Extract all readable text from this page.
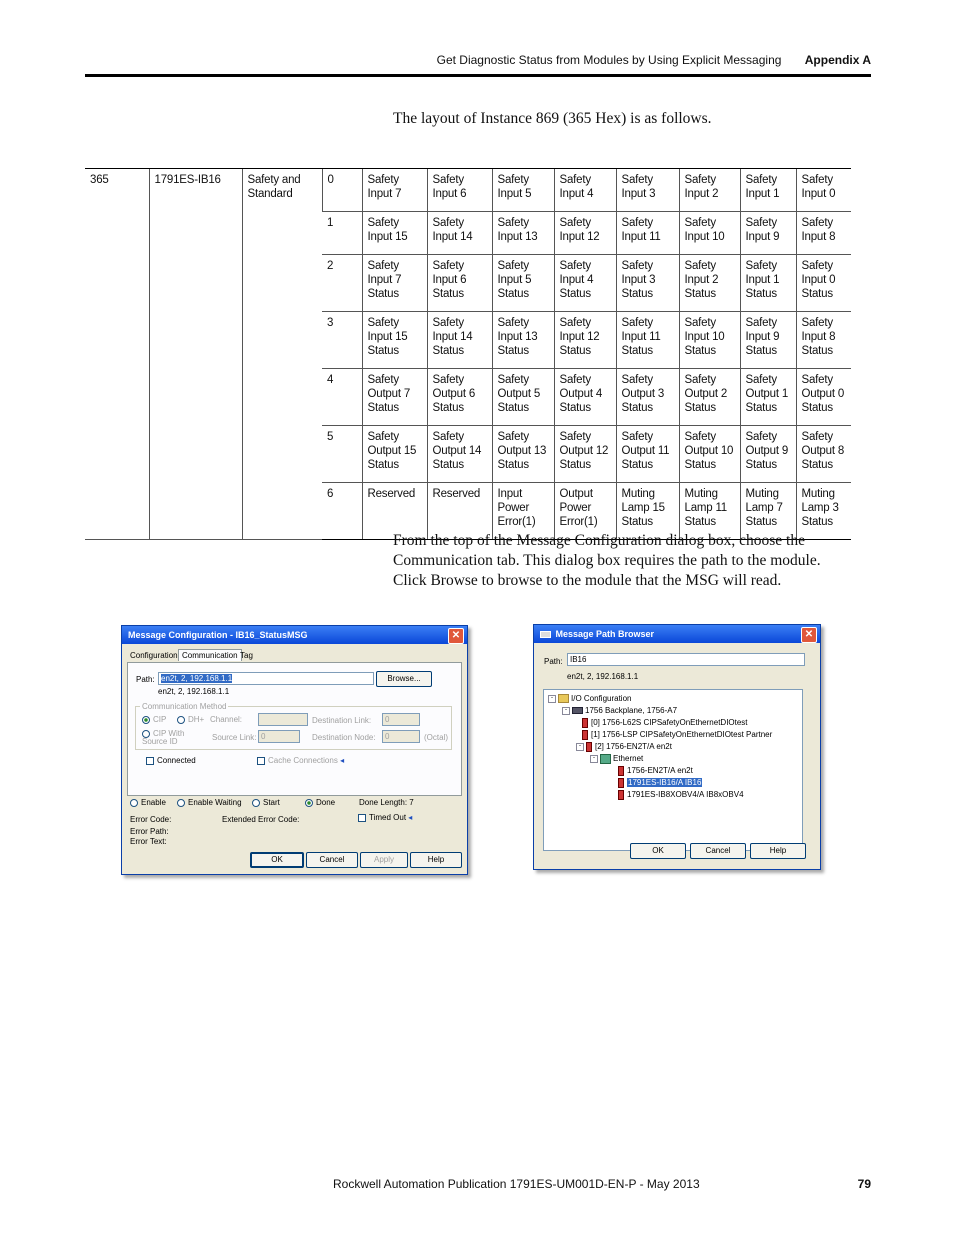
Get Diagnostic Status from Modules by Using Explicit Messaging Appendix A
The layout of Instance 869 (365 Hex) is as follows.
365	1791ES-IB16	Safety and Standard	0	Safety Input 7	Safety Input 6	Safety Input 5	Safety Input 4	Safety Input 3	Safety Input 2	Safety Input 1	Safety Input 0
			1	Safety Input 15	Safety Input 14	Safety Input 13	Safety Input 12	Safety Input 11	Safety Input 10	Safety Input 9	Safety Input 8
			2	Safety Input 7 Status	Safety Input 6 Status	Safety Input 5 Status	Safety Input 4 Status	Safety Input 3 Status	Safety Input 2 Status	Safety Input 1 Status	Safety Input 0 Status
			3	Safety Input 15 Status	Safety Input 14 Status	Safety Input 13 Status	Safety Input 12 Status	Safety Input 11 Status	Safety Input 10 Status	Safety Input 9 Status	Safety Input 8 Status
			4	Safety Output 7 Status	Safety Output 6 Status	Safety Output 5 Status	Safety Output 4 Status	Safety Output 3 Status	Safety Output 2 Status	Safety Output 1 Status	Safety Output 0 Status
			5	Safety Output 15 Status	Safety Output 14 Status	Safety Output 13 Status	Safety Output 12 Status	Safety Output 11 Status	Safety Output 10 Status	Safety Output 9 Status	Safety Output 8 Status
			6	Reserved	Reserved	Input Power Error(1)	Output Power Error(1)	Muting Lamp 15 Status	Muting Lamp 11 Status	Muting Lamp 7 Status	Muting Lamp 3 Status
From the top of the Message Configuration dialog box, choose the Communication tab. This dialog box requires the path to the module. Click Browse to browse to the module that the MSG will read.
Message Configuration - IB16_StatusMSG	✕
Configuration Communication Tag
Path: en2t, 2, 192.168.1.1	Browse...
en2t, 2, 192.168.1.1
Communication Method
CIP	DH+ Channel:	Destination Link:	0
CIP With Source ID	Source Link: 0	Destination Node:	0	(Octal)
Connected	Cache Connections ◂
Enable	Enable Waiting	Start	Done	Done Length: 7
Error Code:	Extended Error Code:	Timed Out ◂
Error Path:
Error Text:
OK	Cancel	Apply	Help
Message Path Browser	✕
Path: IB16
en2t, 2, 192.168.1.1
- I/O Configuration
- 1756 Backplane, 1756-A7
[0] 1756-L62S CIPSafetyOnEthernetDIOtest
[1] 1756-LSP CIPSafetyOnEthernetDIOtest Partner
- [2] 1756-EN2T/A en2t
- Ethernet
1756-EN2T/A en2t
1791ES-IB16/A IB16
1791ES-IB8XOBV4/A IB8xOBV4
OK	Cancel	Help
Rockwell Automation Publication 1791ES-UM001D-EN-P - May 2013	79
